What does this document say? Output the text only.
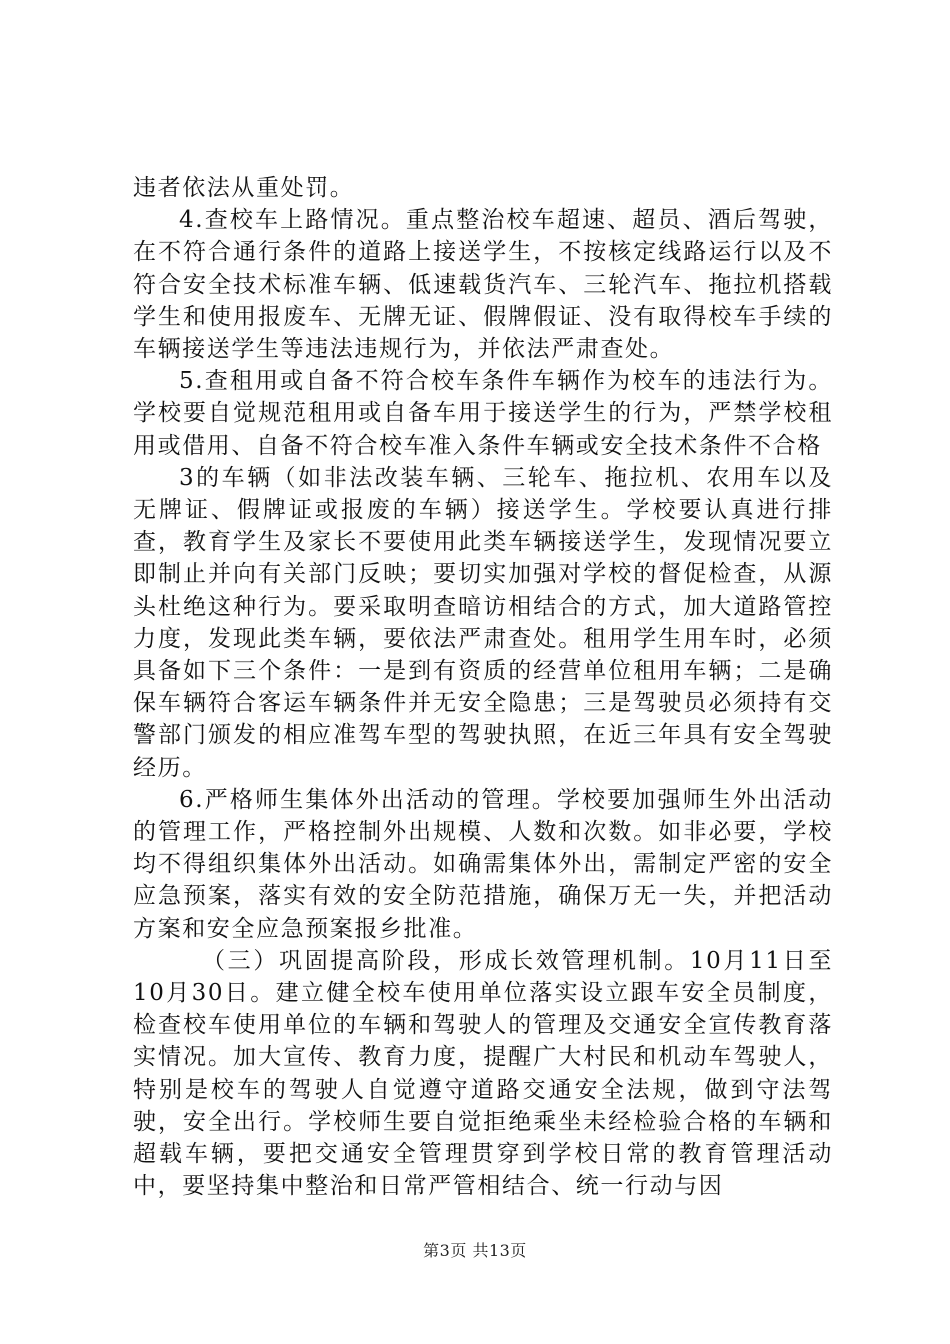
违者依法从重处罚。

4.查校车上路情况。重点整治校车超速、超员、酒后驾驶，在不符合通行条件的道路上接送学生，不按核定线路运行以及不符合安全技术标准车辆、低速载货汽车、三轮汽车、拖拉机搭载学生和使用报废车、无牌无证、假牌假证、没有取得校车手续的车辆接送学生等违法违规行为，并依法严肃查处。

5.查租用或自备不符合校车条件车辆作为校车的违法行为。学校要自觉规范租用或自备车用于接送学生的行为，严禁学校租用或借用、自备不符合校车准入条件车辆或安全技术条件不合格

3的车辆（如非法改装车辆、三轮车、拖拉机、农用车以及无牌证、假牌证或报废的车辆）接送学生。学校要认真进行排查，教育学生及家长不要使用此类车辆接送学生，发现情况要立即制止并向有关部门反映；要切实加强对学校的督促检查，从源头杜绝这种行为。要采取明查暗访相结合的方式，加大道路管控力度，发现此类车辆，要依法严肃查处。租用学生用车时，必须具备如下三个条件：一是到有资质的经营单位租用车辆；二是确保车辆符合客运车辆条件并无安全隐患；三是驾驶员必须持有交警部门颁发的相应准驾车型的驾驶执照，在近三年具有安全驾驶经历。

6.严格师生集体外出活动的管理。学校要加强师生外出活动的管理工作，严格控制外出规模、人数和次数。如非必要，学校均不得组织集体外出活动。如确需集体外出，需制定严密的安全应急预案，落实有效的安全防范措施，确保万无一失，并把活动方案和安全应急预案报乡批准。

（三）巩固提高阶段，形成长效管理机制。10月11日至10月30日。建立健全校车使用单位落实设立跟车安全员制度，检查校车使用单位的车辆和驾驶人的管理及交通安全宣传教育落实情况。加大宣传、教育力度，提醒广大村民和机动车驾驶人，特别是校车的驾驶人自觉遵守道路交通安全法规，做到守法驾驶，安全出行。学校师生要自觉拒绝乘坐未经检验合格的车辆和超载车辆，要把交通安全管理贯穿到学校日常的教育管理活动中，要坚持集中整治和日常严管相结合、统一行动与因

第3页 共13页
